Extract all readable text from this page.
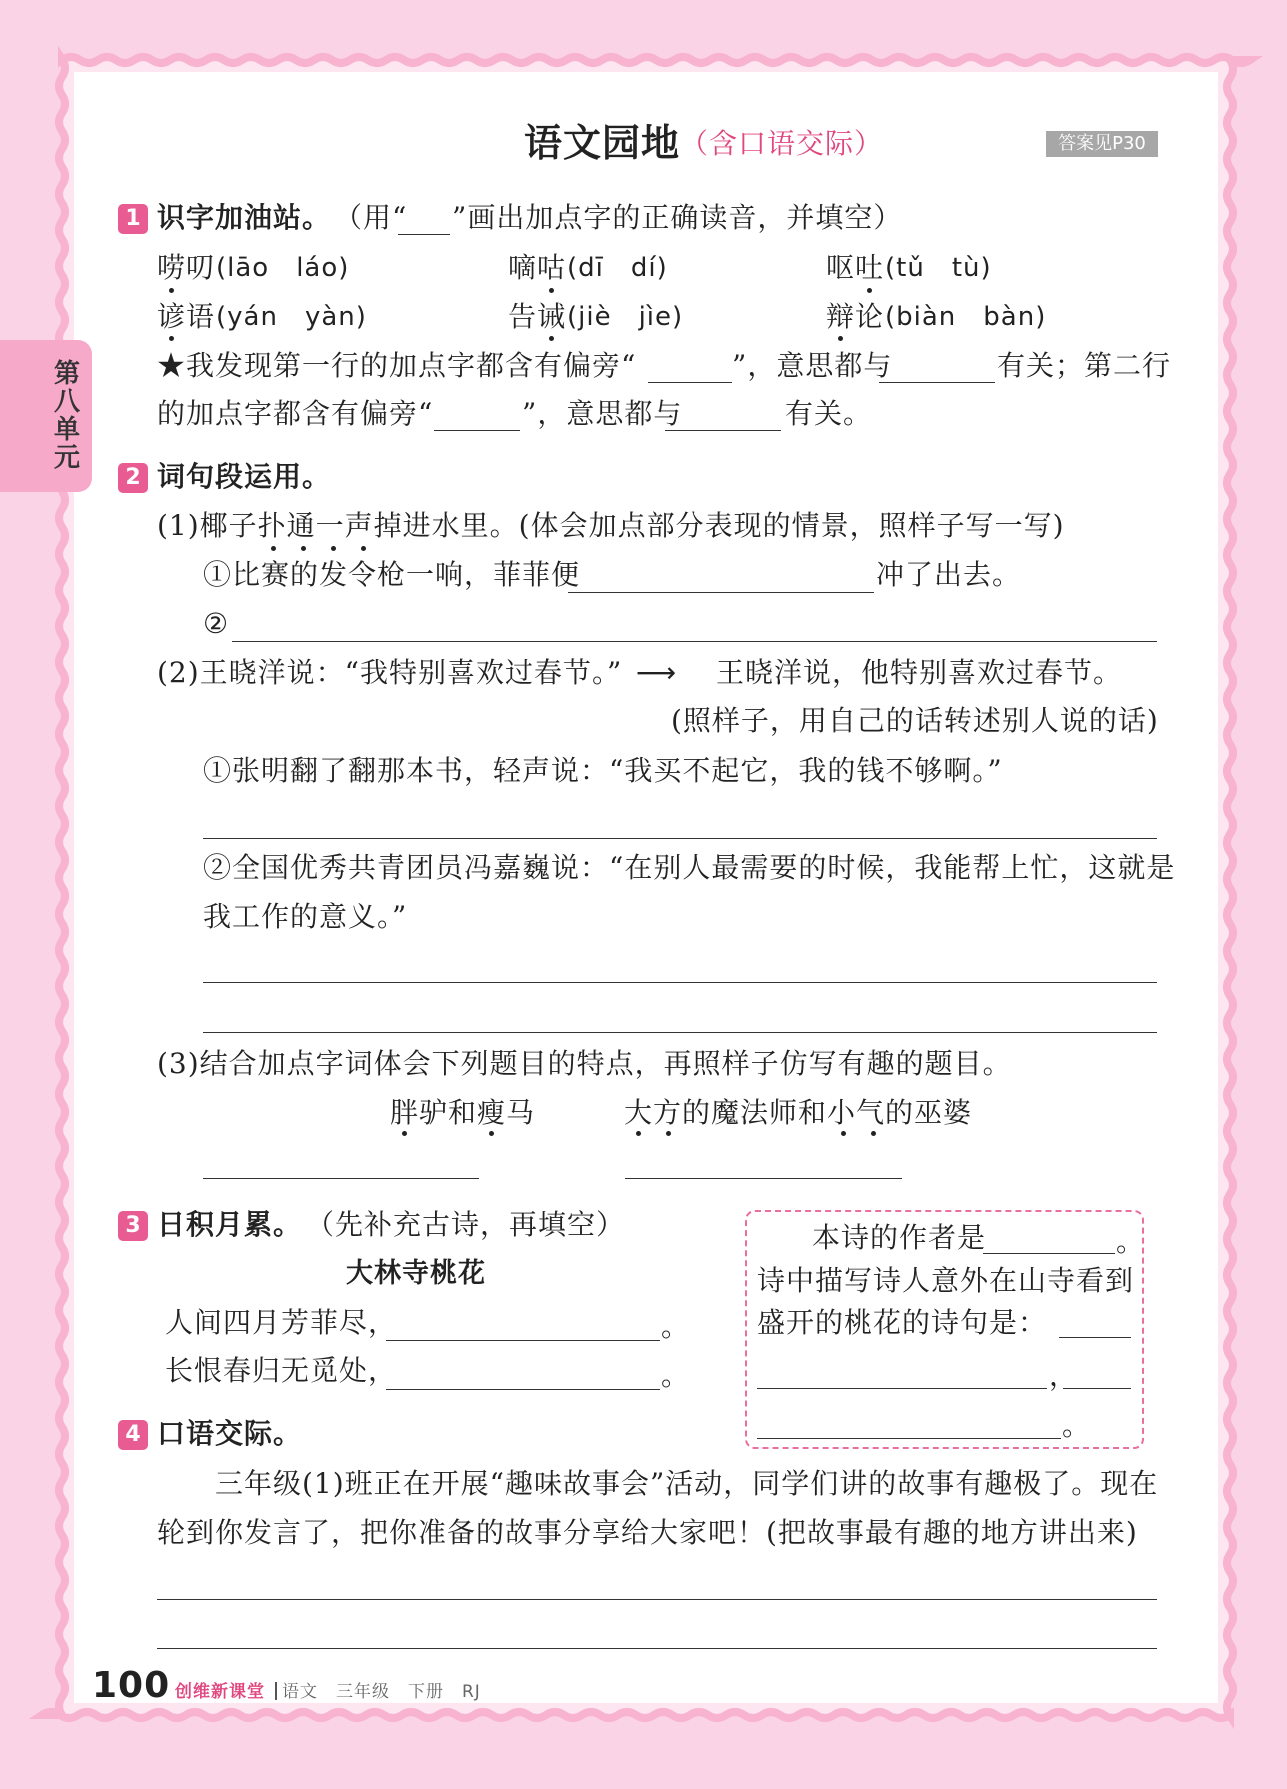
第八单元
语文园地 （含口语交际）	答案见P30
1 识字加油站。 （用“ ”画出加点字的正确读音，并填空）
唠叨 (lāo　láo)	嘀咕 (dī　dí)	呕吐 (tǔ　tù)
谚语 (yán　yàn)	告诫 (jiè　jìe)	辩论 (biàn　bàn)
★我发现第一行的加点字都含有偏旁“	”，意思都与	有关；第二行
的加点字都含有偏旁“	”，意思都与	有关。
2 词句段运用。
(1)椰子扑通一声掉进水里。(体会加点部分表现的情景，照样子写一写)
①比赛的发令枪一响，菲菲便	冲了出去。
②
(2)王晓洋说：“我特别喜欢过春节。” ⟶ 王晓洋说，他特别喜欢过春节。
(照样子，用自己的话转述别人说的话)
①张明翻了翻那本书，轻声说：“我买不起它，我的钱不够啊。”
②全国优秀共青团员冯嘉巍说：“在别人最需要的时候，我能帮上忙，这就是
我工作的意义。”
(3)结合加点字词体会下列题目的特点，再照样子仿写有趣的题目。
胖驴和瘦马	大方的魔法师和小气的巫婆
3 日积月累。 （先补充古诗，再填空）
大林寺桃花
人间四月芳菲尽，	。
长恨春归无觅处，	。
本诗的作者是	。
诗中描写诗人意外在山寺看到
盛开的桃花的诗句是：
，
。
4 口语交际。
三年级(1)班正在开展“趣味故事会”活动，同学们讲的故事有趣极了。现在
轮到你发言了，把你准备的故事分享给大家吧！(把故事最有趣的地方讲出来)
100 创维新课堂 语文　三年级　下册　RJ
